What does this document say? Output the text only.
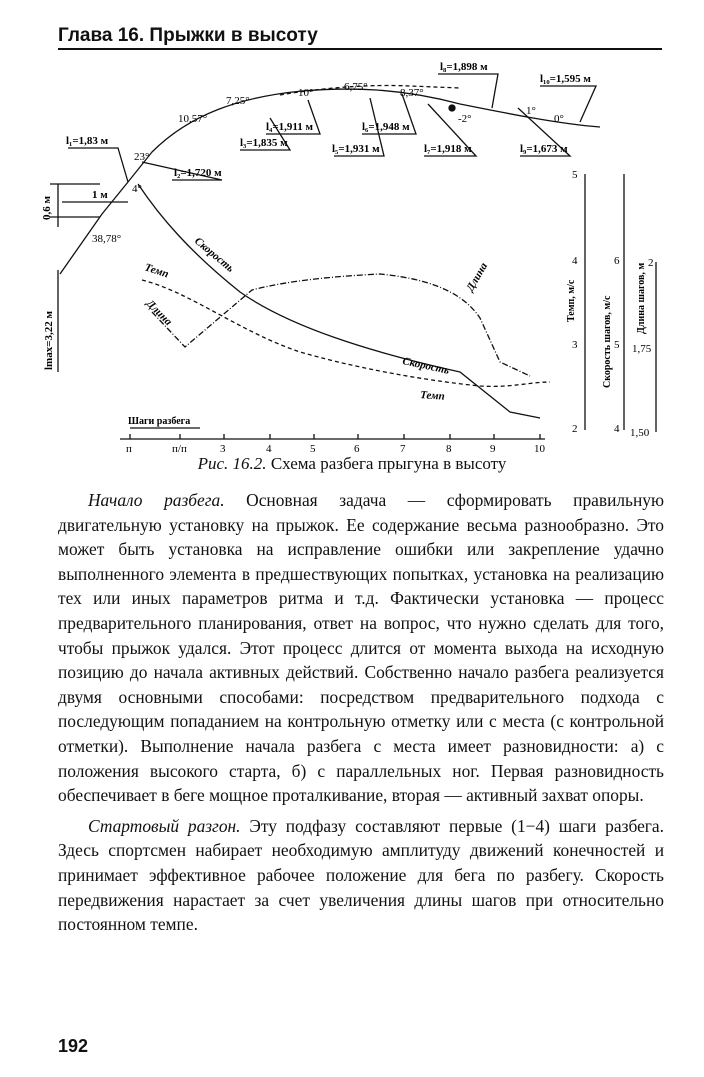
Глава 16. Прыжки в высоту
38,78°
23°
4°
10,57°
7,25°
10°	6,75°	8,37°
-2°
1°
0°
l₁=1,83 м
l₂=1,720 м
l₃=1,835 м
l₄=1,911 м
l₅=1,931 м
l₆=1,948 м
l₇=1,918 м
l₈=1,898 м
l₉=1,673 м
l₁₀=1,595 м
0,6 м
1 м
lmax=3,22 м
Скорость
Темп
Длина
Длина
Скорость
Темп
Темп, м/с	Скорость шагов, м/с Длина шагов, м
5
4
3
2
6
5
4
2
1,75
1,50
Шаги разбега
п	п/п	3	4	5	6	7	8	9	10
Рис. 16.2. Схема разбега прыгуна в высоту

Начало разбега. Основная задача — сформировать правильную двигательную установку на прыжок. Ее содержание весьма разнообразно. Это может быть установка на исправление ошибки или закрепление удачно выполненного элемента в предшествующих попытках, установка на реализацию тех или иных параметров ритма и т.д. Фактически установка — процесс предварительного планирования, ответ на вопрос, что нужно сделать для того, чтобы прыжок удался. Этот процесс длится от момента выхода на исходную позицию до начала активных действий. Собственно начало разбега реализуется двумя основными способами: посредством предварительного подхода с последующим попаданием на контрольную отметку или с места (с контрольной отметки). Выполнение начала разбега с места имеет разновидности: а) с положения высокого старта, б) с параллельных ног. Первая разновидность обеспечивает в беге мощное проталкивание, вторая — активный захват опоры.

Стартовый разгон. Эту подфазу составляют первые (1−4) шаги разбега. Здесь спортсмен набирает необходимую амплитуду движений конечностей и принимает эффективное рабочее положение для бега по разбегу. Скорость передвижения нарастает за счет увеличения длины шагов при относительно постоянном темпе.

192
